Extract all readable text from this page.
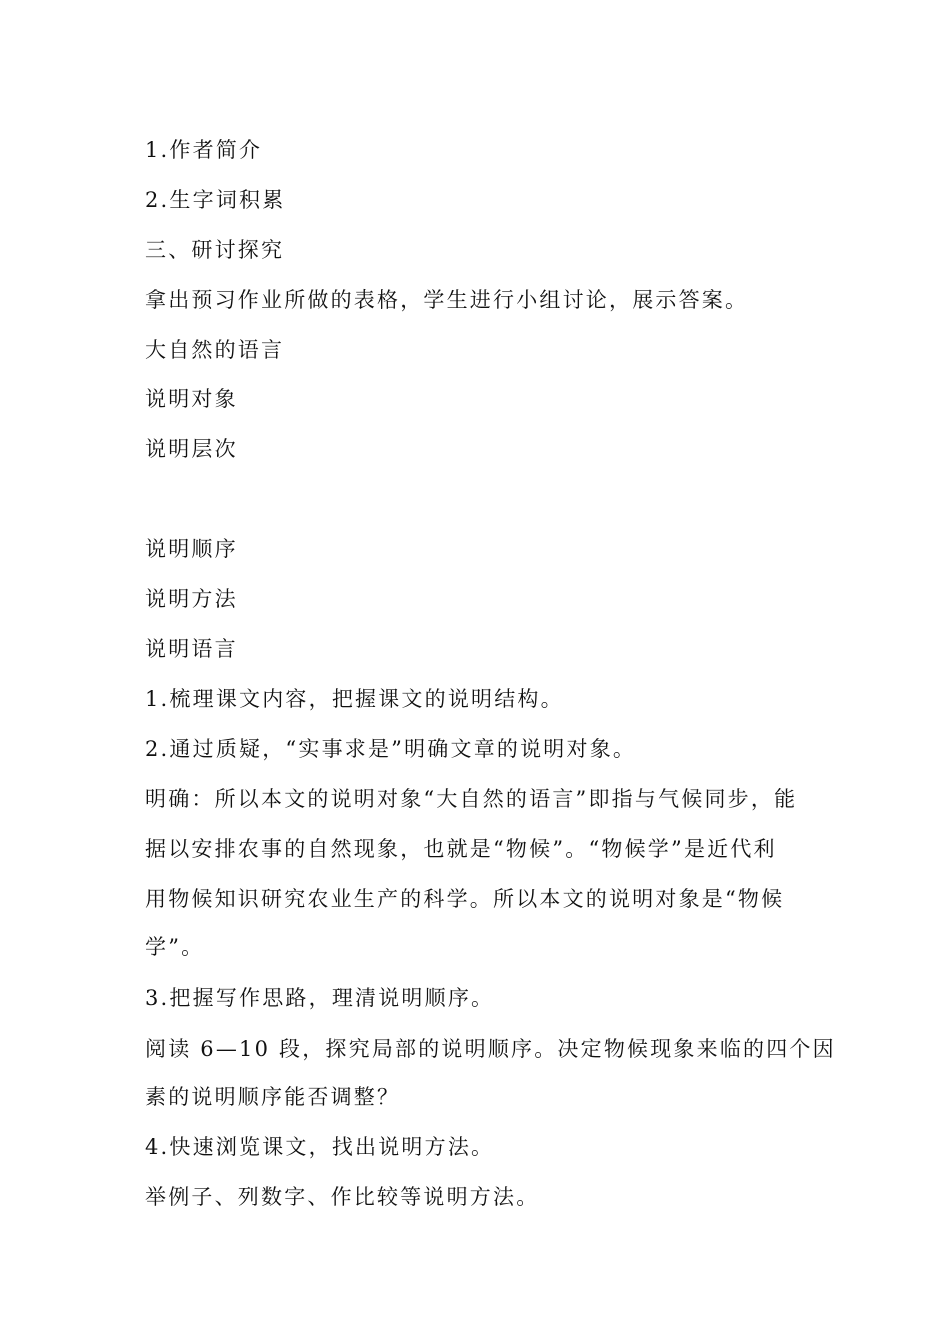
1.作者简介
2.生字词积累
三、研讨探究
拿出预习作业所做的表格，学生进行小组讨论，展示答案。
大自然的语言
说明对象
说明层次
说明顺序
说明方法
说明语言
1.梳理课文内容，把握课文的说明结构。
2.通过质疑，“实事求是”明确文章的说明对象。
明确：所以本文的说明对象“大自然的语言”即指与气候同步，能
据以安排农事的自然现象，也就是“物候”。“物候学”是近代利
用物候知识研究农业生产的科学。所以本文的说明对象是“物候
学”。
3.把握写作思路，理清说明顺序。
阅读 6—10 段，探究局部的说明顺序。决定物候现象来临的四个因
素的说明顺序能否调整？
4.快速浏览课文，找出说明方法。
举例子、列数字、作比较等说明方法。
